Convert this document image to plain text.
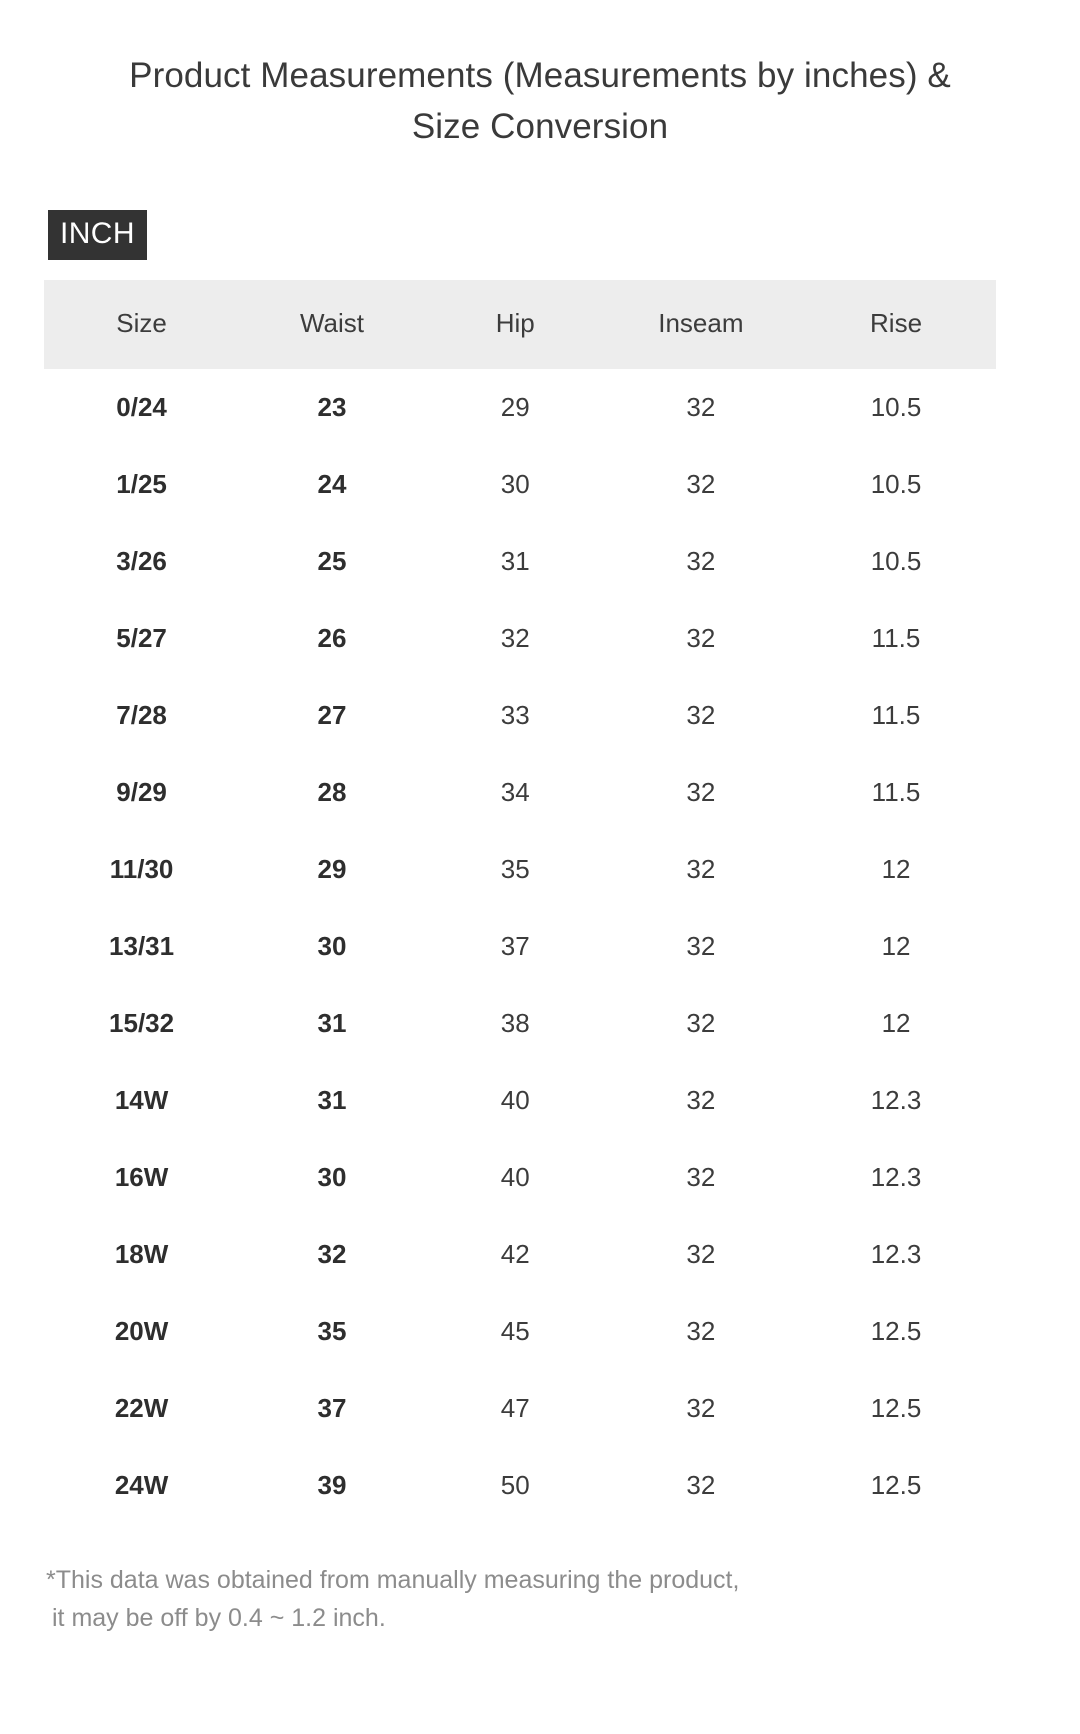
Product Measurements (Measurements by inches) & Size Conversion
INCH
Size	Waist	Hip	Inseam	Rise
0/24	23	29	32	10.5
1/25	24	30	32	10.5
3/26	25	31	32	10.5
5/27	26	32	32	11.5
7/28	27	33	32	11.5
9/29	28	34	32	11.5
11/30	29	35	32	12
13/31	30	37	32	12
15/32	31	38	32	12
14W	31	40	32	12.3
16W	30	40	32	12.3
18W	32	42	32	12.3
20W	35	45	32	12.5
22W	37	47	32	12.5
24W	39	50	32	12.5

*This data was obtained from manually measuring the product,
it may be off by 0.4 ~ 1.2 inch.
